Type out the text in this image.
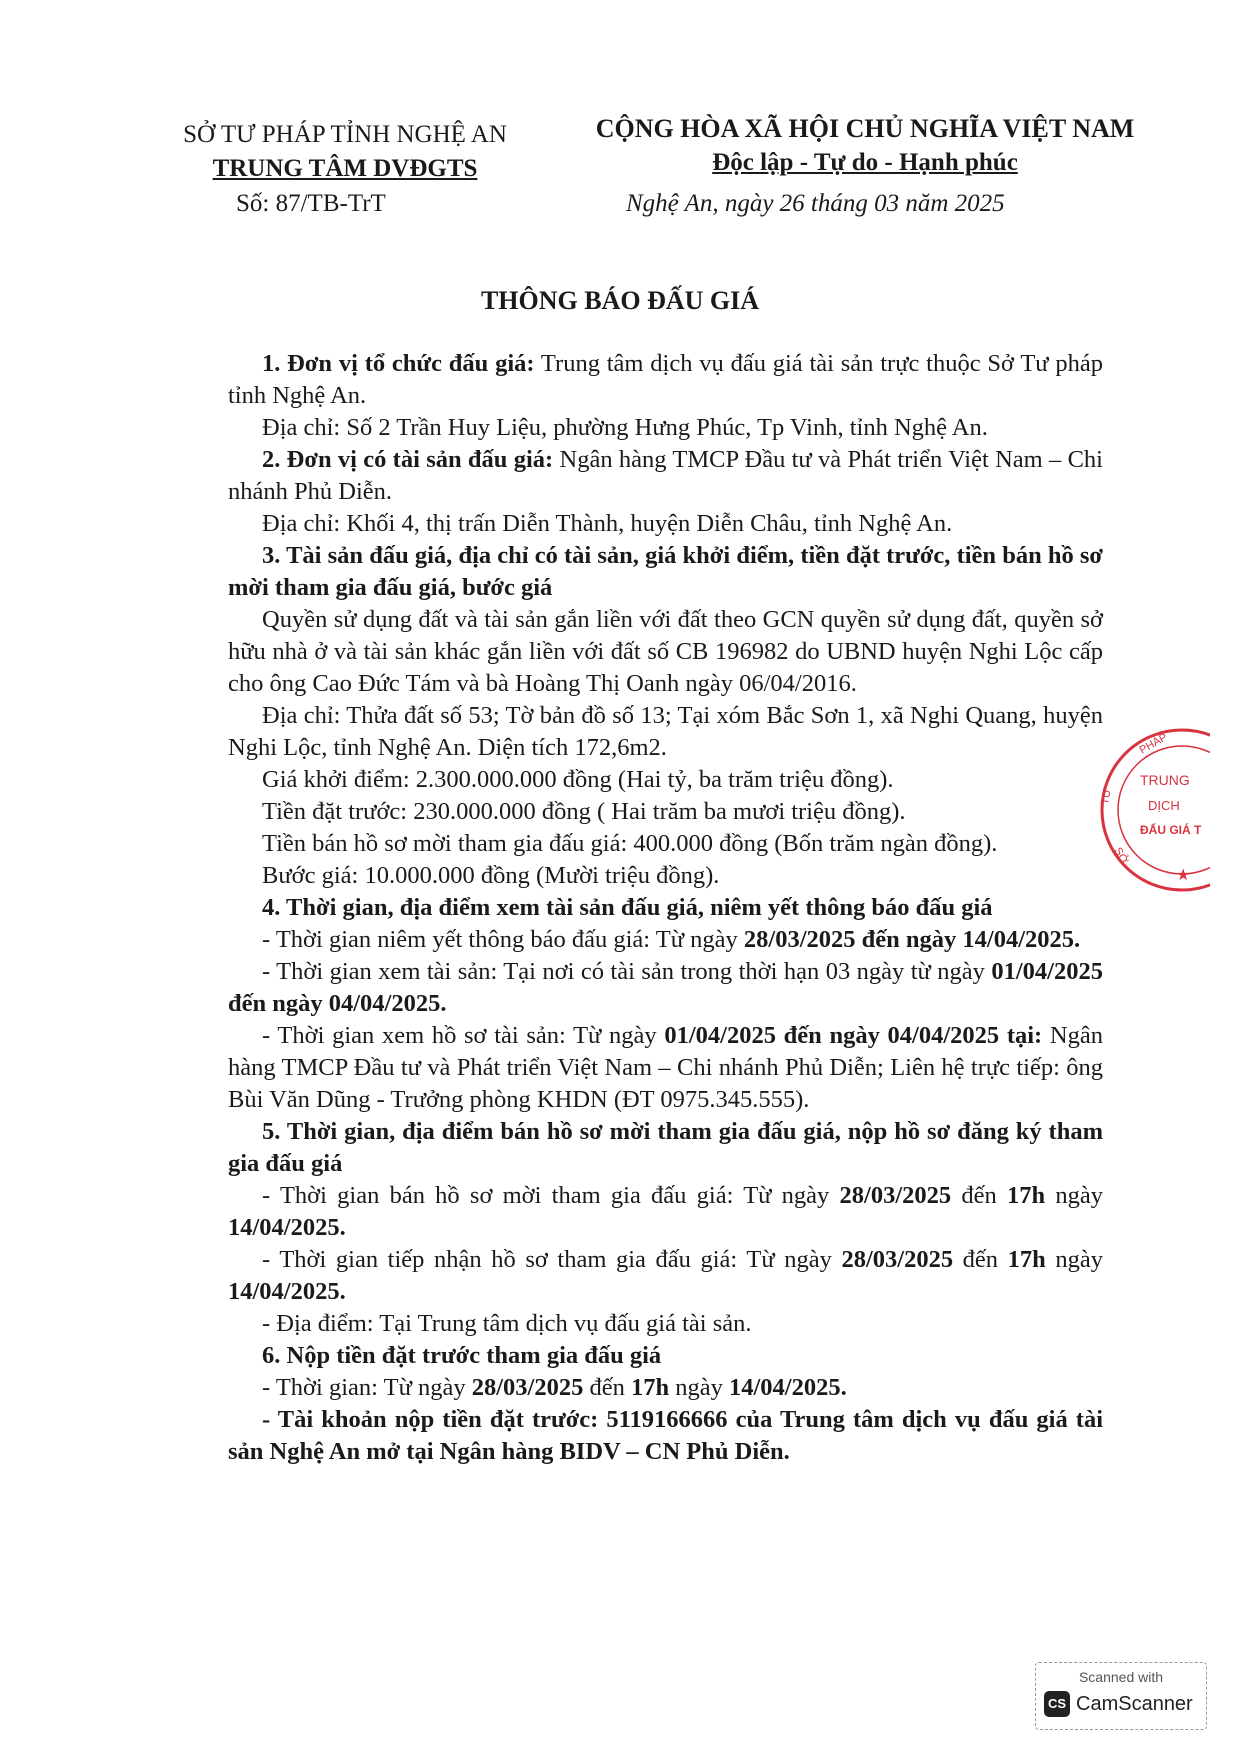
SỞ TƯ PHÁP TỈNH NGHỆ AN
TRUNG TÂM DVĐGTS
CỘNG HÒA XÃ HỘI CHỦ NGHĨA VIỆT NAM
Độc lập - Tự do - Hạnh phúc
Số: 87/TB-TrT	Nghệ An, ngày 26 tháng 03 năm 2025
THÔNG BÁO ĐẤU GIÁ

1. Đơn vị tổ chức đấu giá: Trung tâm dịch vụ đấu giá tài sản trực thuộc Sở Tư pháp tỉnh Nghệ An.

Địa chỉ: Số 2 Trần Huy Liệu, phường Hưng Phúc, Tp Vinh, tỉnh Nghệ An.

2. Đơn vị có tài sản đấu giá: Ngân hàng TMCP Đầu tư và Phát triển Việt Nam – Chi nhánh Phủ Diễn.

Địa chỉ: Khối 4, thị trấn Diễn Thành, huyện Diễn Châu, tỉnh Nghệ An.

3. Tài sản đấu giá, địa chỉ có tài sản, giá khởi điểm, tiền đặt trước, tiền bán hồ sơ mời tham gia đấu giá, bước giá

Quyền sử dụng đất và tài sản gắn liền với đất theo GCN quyền sử dụng đất, quyền sở hữu nhà ở và tài sản khác gắn liền với đất số CB 196982 do UBND huyện Nghi Lộc cấp cho ông Cao Đức Tám và bà Hoàng Thị Oanh ngày 06/04/2016.

Địa chỉ: Thửa đất số 53; Tờ bản đồ số 13; Tại xóm Bắc Sơn 1, xã Nghi Quang, huyện Nghi Lộc, tỉnh Nghệ An. Diện tích 172,6m2.

Giá khởi điểm: 2.300.000.000 đồng (Hai tỷ, ba trăm triệu đồng).

Tiền đặt trước: 230.000.000 đồng ( Hai trăm ba mươi triệu đồng).

Tiền bán hồ sơ mời tham gia đấu giá: 400.000 đồng (Bốn trăm ngàn đồng).

Bước giá: 10.000.000 đồng (Mười triệu đồng).

4. Thời gian, địa điểm xem tài sản đấu giá, niêm yết thông báo đấu giá

- Thời gian niêm yết thông báo đấu giá: Từ ngày 28/03/2025 đến ngày 14/04/2025.

- Thời gian xem tài sản: Tại nơi có tài sản trong thời hạn 03 ngày từ ngày 01/04/2025 đến ngày 04/04/2025.

- Thời gian xem hồ sơ tài sản: Từ ngày 01/04/2025 đến ngày 04/04/2025 tại: Ngân hàng TMCP Đầu tư và Phát triển Việt Nam – Chi nhánh Phủ Diễn; Liên hệ trực tiếp: ông Bùi Văn Dũng - Trưởng phòng KHDN (ĐT 0975.345.555).

5. Thời gian, địa điểm bán hồ sơ mời tham gia đấu giá, nộp hồ sơ đăng ký tham gia đấu giá

- Thời gian bán hồ sơ mời tham gia đấu giá: Từ ngày 28/03/2025 đến 17h ngày 14/04/2025.

- Thời gian tiếp nhận hồ sơ tham gia đấu giá: Từ ngày 28/03/2025 đến 17h ngày 14/04/2025.

- Địa điểm: Tại Trung tâm dịch vụ đấu giá tài sản.

6. Nộp tiền đặt trước tham gia đấu giá

- Thời gian: Từ ngày 28/03/2025 đến 17h ngày 14/04/2025.

- Tài khoản nộp tiền đặt trước: 5119166666 của Trung tâm dịch vụ đấu giá tài sản Nghệ An mở tại Ngân hàng BIDV – CN Phủ Diễn.

PHÁP
TƯ
SỞ
TRUNG
DỊCH
ĐẤU GIÁ T
★
Scanned with
CS CamScanner
